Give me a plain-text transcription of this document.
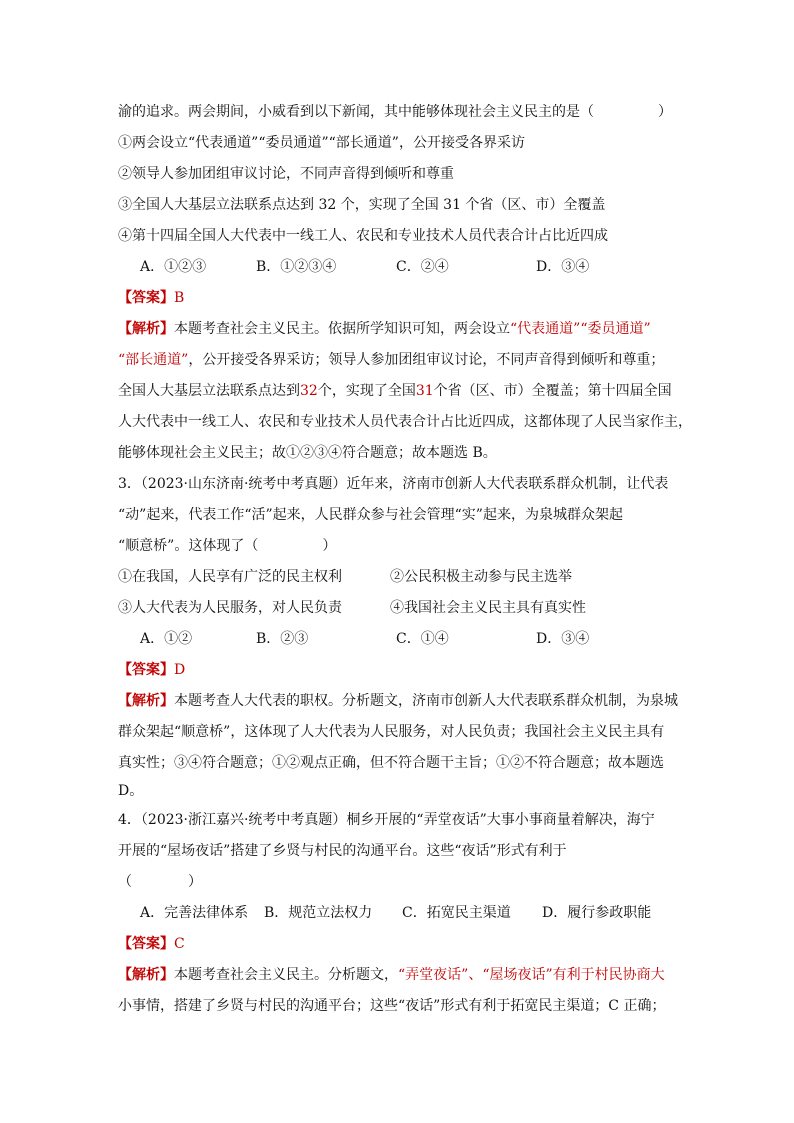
渝的追求。两会期间，小威看到以下新闻，其中能够体现社会主义民主的是（	）
①两会设立“代表通道”“委员通道”“部长通道”，公开接受各界采访
②领导人参加团组审议讨论，不同声音得到倾听和尊重
③全国人大基层立法联系点达到 32 个，实现了全国 31 个省（区、市）全覆盖
④第十四届全国人大代表中一线工人、农民和专业技术人员代表合计占比近四成
A．①②③	B．①②③④	C．②④	D．③④
【答案】 B
【解析】 本题考查社会主义民主。依据所学知识可知，两会设立 “代表通道”“委员通道”
“部长通道” ，公开接受各界采访；领导人参加团组审议讨论，不同声音得到倾听和尊重；
全国人大基层立法联系点达到 32 个，实现了全国 31 个省（区、市）全覆盖；第十四届全国
人大代表中一线工人、农民和专业技术人员代表合计占比近四成，这都体现了人民当家作主，
能够体现社会主义民主；故①②③④符合题意；故本题选 B。
3．（2023·山东济南·统考中考真题）近年来，济南市创新人大代表联系群众机制，让代表
“动”起来，代表工作“活”起来，人民群众参与社会管理“实”起来，为泉城群众架起
“顺意桥”。这体现了（	）
①在我国，人民享有广泛的民主权利	②公民积极主动参与民主选举
③人大代表为人民服务，对人民负责	④我国社会主义民主具有真实性
A．①②	B．②③	C．①④	D．③④
【答案】 D
【解析】 本题考查人大代表的职权。分析题文，济南市创新人大代表联系群众机制，为泉城
群众架起“顺意桥”，这体现了人大代表为人民服务，对人民负责；我国社会主义民主具有
真实性；③④符合题意；①②观点正确，但不符合题干主旨；①②不符合题意；故本题选
D。
4．（2023·浙江嘉兴·统考中考真题）桐乡开展的“弄堂夜话”大事小事商量着解决，海宁
开展的“屋场夜话”搭建了乡贤与村民的沟通平台。这些“夜话”形式有利于
（	）
A．完善法律体系	B．规范立法权力	C．拓宽民主渠道	D．履行参政职能
【答案】 C
【解析】 本题考查社会主义民主。分析题文， “弄堂夜话”、“屋场夜话” 有利于村民协商大
小事情，搭建了乡贤与村民的沟通平台；这些“夜话”形式有利于拓宽民主渠道；C 正确；
